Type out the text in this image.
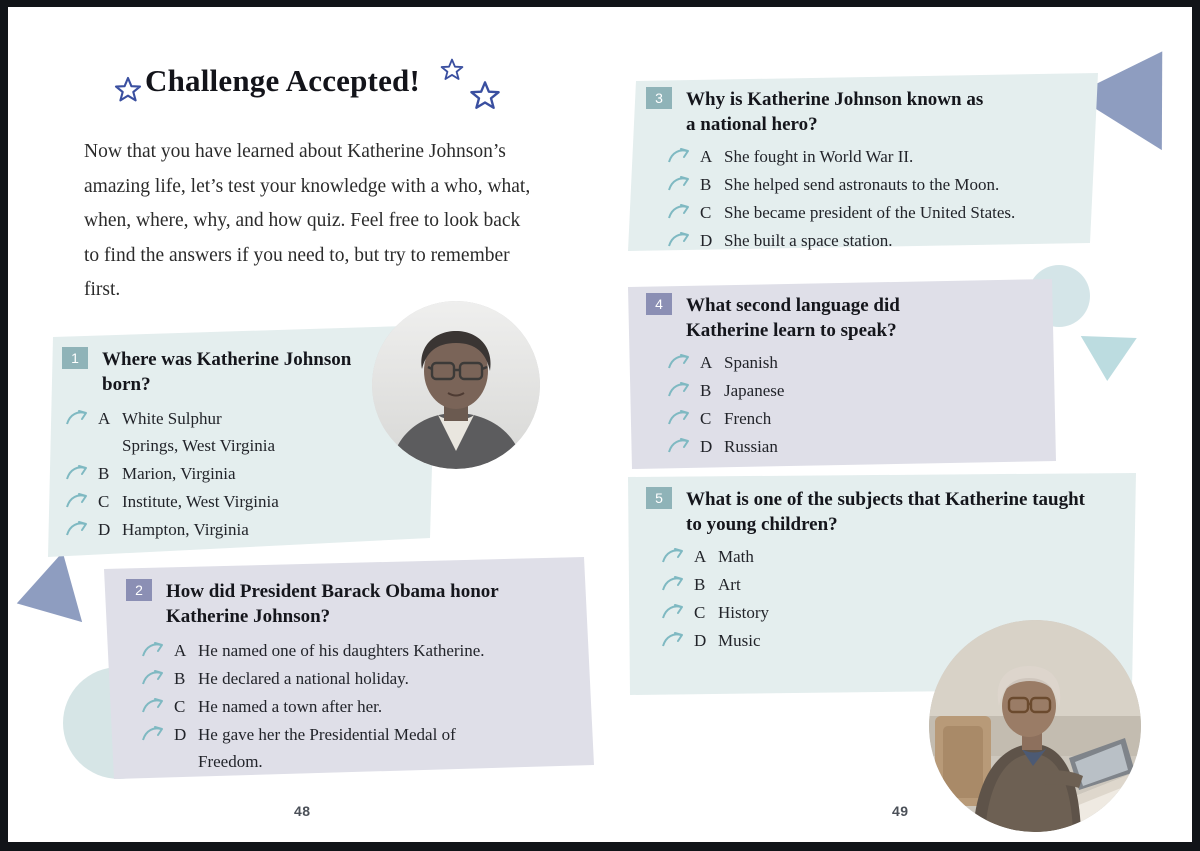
Challenge Accepted!
Now that you have learned about Katherine Johnson’s amazing life, let’s test your knowledge with a who, what, when, where, why, and how quiz. Feel free to look back to find the answers if you need to, but try to remember first.
1 Where was Katherine Johnson born?
A White Sulphur
Springs, West Virginia
B Marion, Virginia
C Institute, West Virginia
D Hampton, Virginia
2 How did President Barack Obama honor Katherine Johnson?
A He named one of his daughters Katherine.
B He declared a national holiday.
C He named a town after her.
D He gave her the Presidential Medal of
Freedom.
3 Why is Katherine Johnson known as a national hero?
A She fought in World War II.
B She helped send astronauts to the Moon.
C She became president of the United States.
D She built a space station.
4 What second language did Katherine learn to speak?
A Spanish
B Japanese
C French
D Russian
5 What is one of the subjects that Katherine taught to young children?
A Math
B Art
C History
D Music
48	49
